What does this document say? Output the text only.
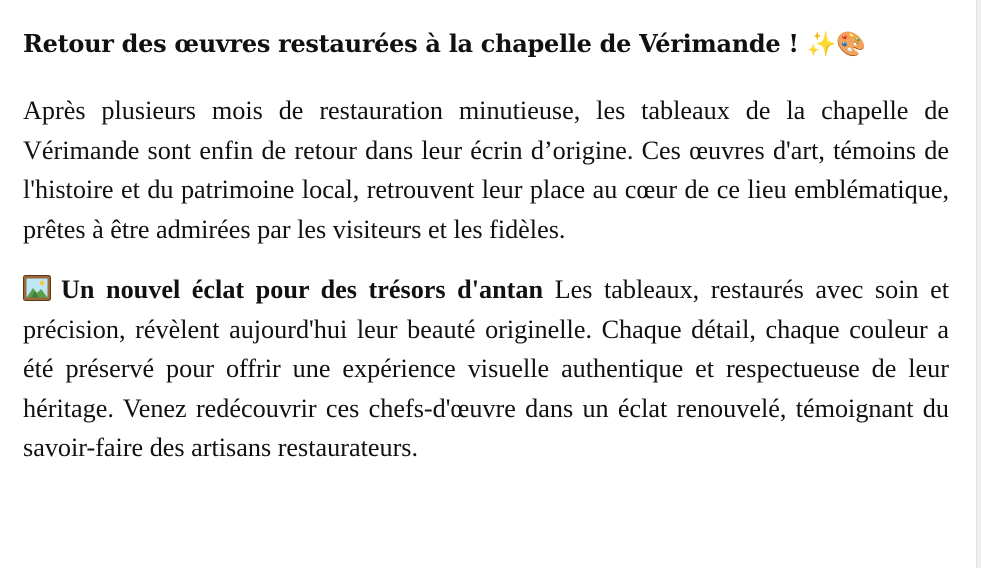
Retour des œuvres restaurées à la chapelle de Vérimande ! ✨🎨

Après plusieurs mois de restauration minutieuse, les tableaux de la chapelle de Vérimande sont enfin de retour dans leur écrin d’origine. Ces œuvres d'art, témoins de l'histoire et du patrimoine local, retrouvent leur place au cœur de ce lieu emblématique, prêtes à être admirées par les visiteurs et les fidèles.

Un nouvel éclat pour des trésors d'antan Les tableaux, restaurés avec soin et précision, révèlent aujourd'hui leur beauté originelle. Chaque détail, chaque couleur a été préservé pour offrir une expérience visuelle authentique et respectueuse de leur héritage. Venez redécouvrir ces chefs-d'œuvre dans un éclat renouvelé, témoignant du savoir-faire des artisans restaurateurs.
